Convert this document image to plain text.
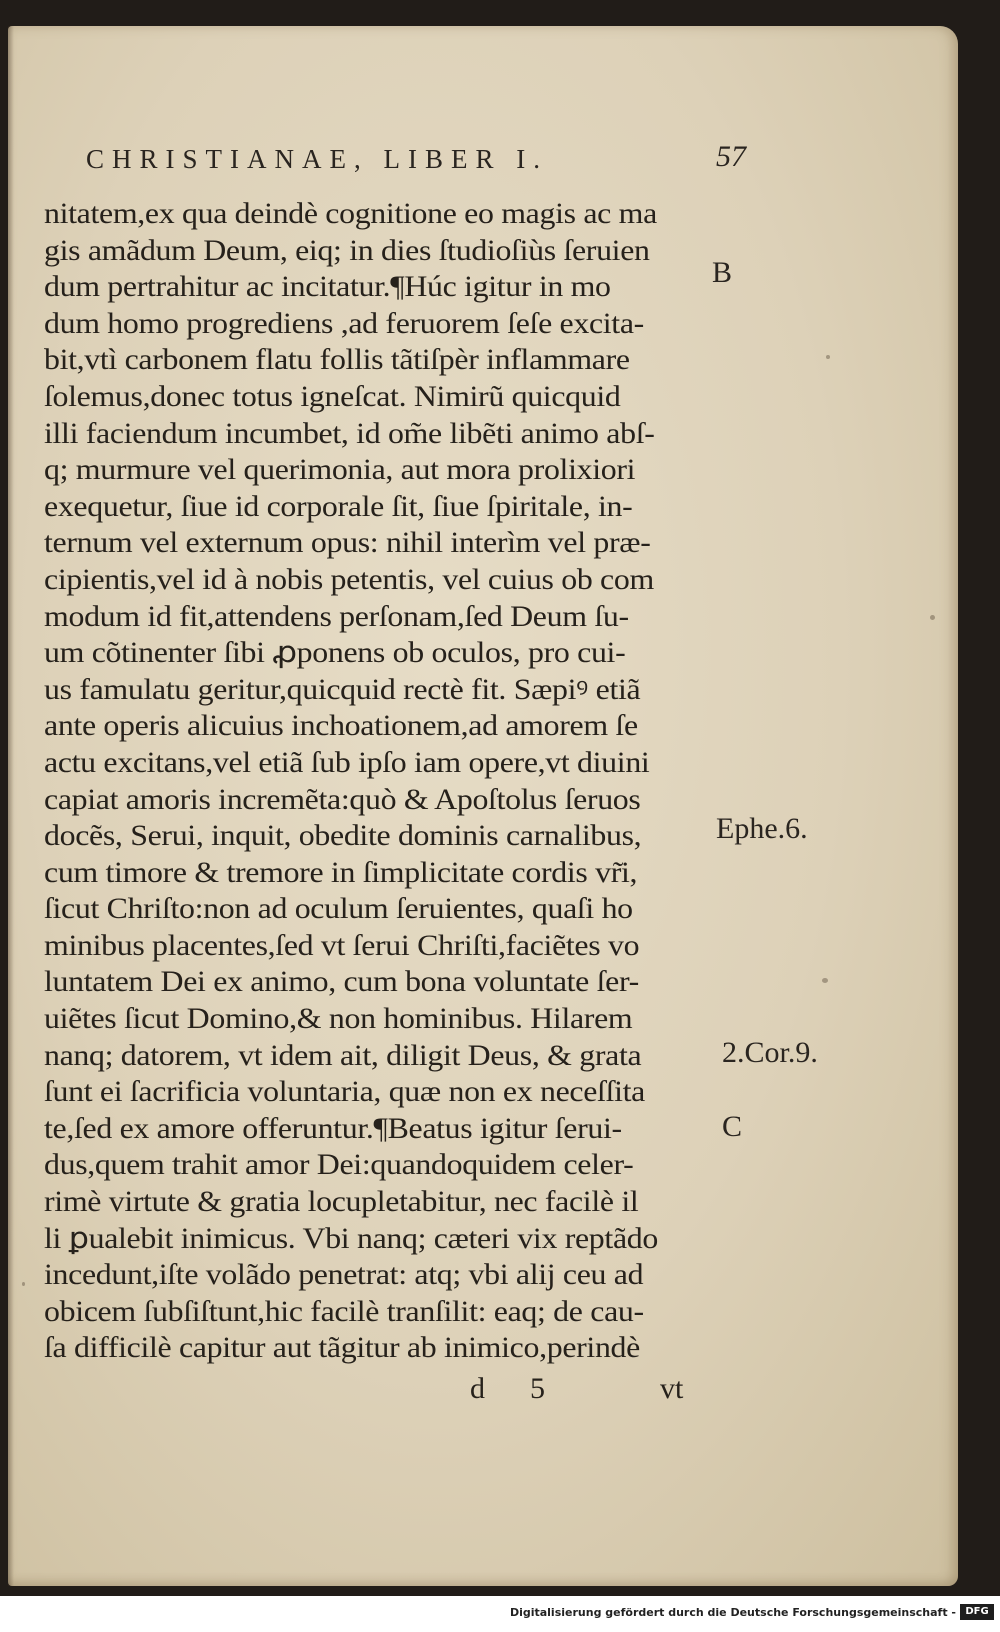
CHRISTIANAE, LIBER I.	57
nitatem,ex qua deindè cognitione eo magis ac ma
gis amãdum Deum, eiq; in dies ſtudioſiùs ſeruien
dum pertrahitur ac incitatur.¶Húc igitur in mo
dum homo progrediens ,ad feruorem ſeſe excita-
bit,vtì carbonem flatu follis tãtiſpèr inflammare
ſolemus,donec totus igneſcat. Nimirũ quicquid
illi faciendum incumbet, id om̃e libẽti animo abſ-
q; murmure vel querimonia, aut mora prolixiori
exequetur, ſiue id corporale ſit, ſiue ſpiritale, in-
ternum vel externum opus: nihil interìm vel præ-
cipientis,vel id à nobis petentis, vel cuius ob com
modum id fit,attendens perſonam,ſed Deum ſu-
um cõtinenter ſibi ꝓponens ob oculos, pro cui-
us famulatu geritur,quicquid rectè fit. Sæpiꝰ etiã
ante operis alicuius inchoationem,ad amorem ſe
actu excitans,vel etiã ſub ipſo iam opere,vt diuini
capiat amoris incremẽta:quò & Apoſtolus ſeruos
docẽs, Serui, inquit, obedite dominis carnalibus,
cum timore & tremore in ſimplicitate cordis vr̃i,
ſicut Chriſto:non ad oculum ſeruientes, quaſi ho
minibus placentes,ſed vt ſerui Chriſti,faciẽtes vo
luntatem Dei ex animo, cum bona voluntate ſer-
uiẽtes ſicut Domino,& non hominibus. Hilarem
nanq; datorem, vt idem ait, diligit Deus, & grata
ſunt ei ſacrificia voluntaria, quæ non ex neceſſita
te,ſed ex amore offeruntur.¶Beatus igitur ſerui-
dus,quem trahit amor Dei:quandoquidem celer-
rimè virtute & gratia locupletabitur, nec facilè il
li ꝑualebit inimicus. Vbi nanq; cæteri vix reptãdo
incedunt,iſte volãdo penetrat: atq; vbi alij ceu ad
obicem ſubſiſtunt,hic facilè tranſilit: eaq; de cau-
ſa difficilè capitur aut tãgitur ab inimico,perindè
B
Ephe.6.
2.Cor.9.
C
d 5	vt
Digitalisierung gefördert durch die Deutsche Forschungsgemeinschaft - DFG
